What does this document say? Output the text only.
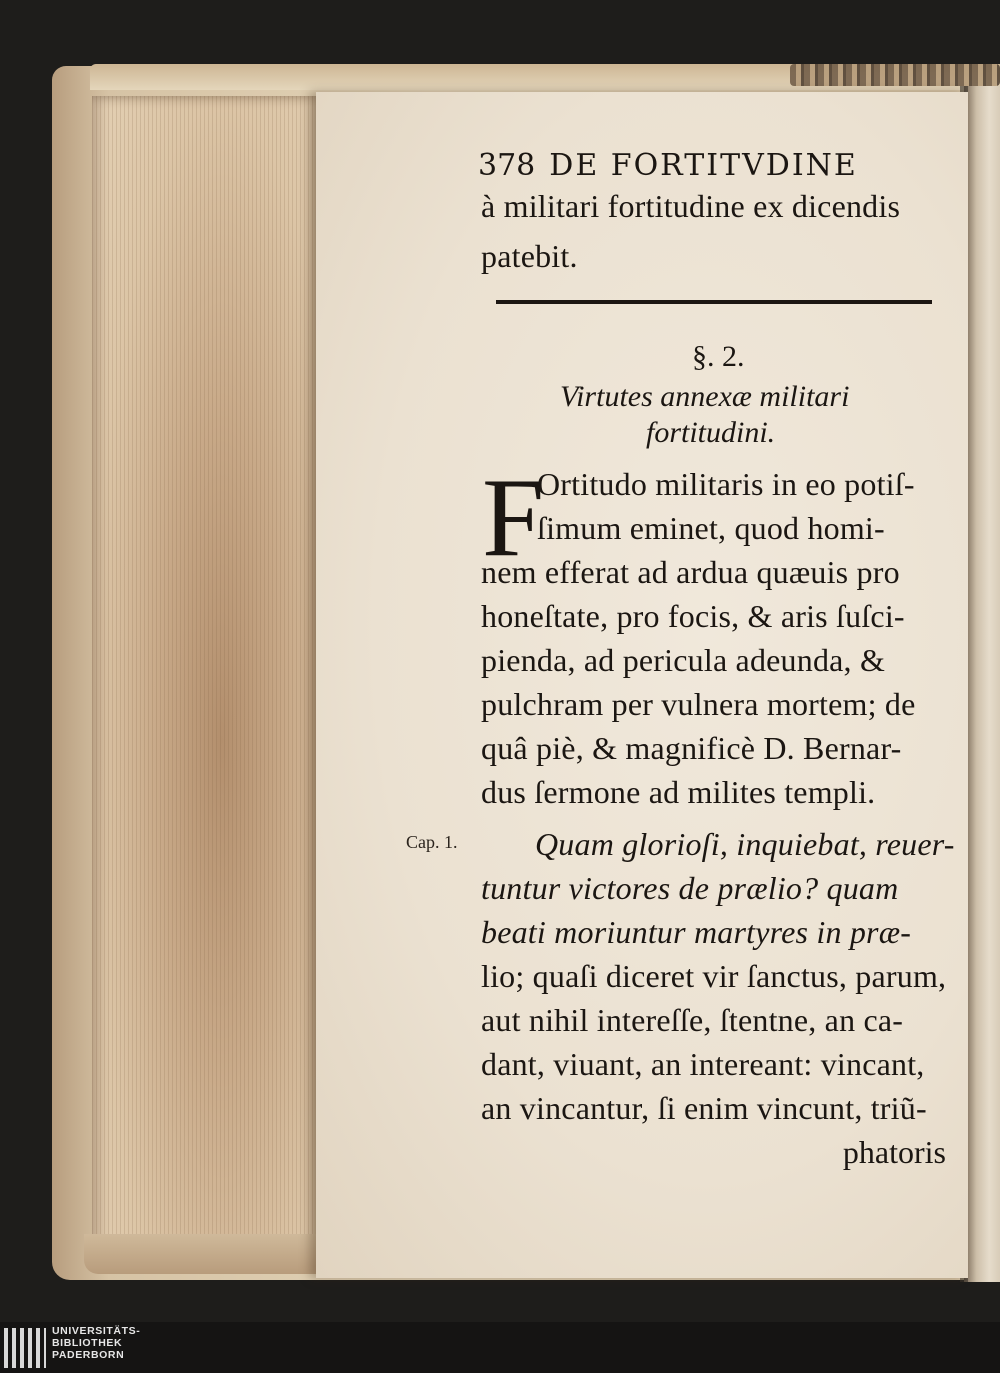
378 DE FORTITVDINE
à militari fortitudine ex dicendis
patebit.
§. 2.
Virtutes annexæ militari
fortitudini.
F
Ortitudo militaris in eo potiſ-
ſimum eminet, quod homi-
nem efferat ad ardua quæuis pro
honeſtate, pro focis, & aris ſuſci-
pienda, ad pericula adeunda, &
pulchram per vulnera mortem; de
quâ piè, & magnificè D. Bernar-
dus ſermone ad milites templi.
Quam glorioſi, inquiebat, reuer-
tuntur victores de prælio? quam
beati moriuntur martyres in præ-
lio; quaſi diceret vir ſanctus, parum,
aut nihil intereſſe, ſtentne, an ca-
dant, viuant, an intereant: vincant,
an vincantur, ſi enim vincunt, triũ-
phatoris
Cap. 1.
UNIVERSITÄTS-
BIBLIOTHEK
PADERBORN
